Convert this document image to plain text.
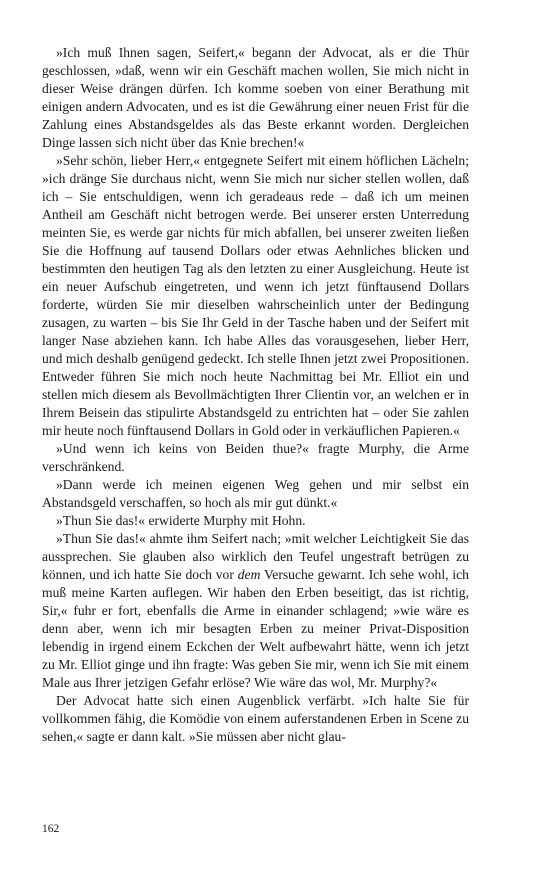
»Ich muß Ihnen sagen, Seifert,« begann der Advocat, als er die Thür geschlossen, »daß, wenn wir ein Geschäft machen wollen, Sie mich nicht in dieser Weise drängen dürfen. Ich komme soeben von einer Berathung mit einigen andern Advocaten, und es ist die Gewährung einer neuen Frist für die Zahlung eines Abstandsgeldes als das Beste erkannt worden. Dergleichen Dinge lassen sich nicht über das Knie brechen!«

»Sehr schön, lieber Herr,« entgegnete Seifert mit einem höflichen Lächeln; »ich dränge Sie durchaus nicht, wenn Sie mich nur sicher stellen wollen, daß ich – Sie entschuldigen, wenn ich geradeaus rede – daß ich um meinen Antheil am Geschäft nicht betrogen werde. Bei unserer ersten Unterredung meinten Sie, es werde gar nichts für mich abfallen, bei unserer zweiten ließen Sie die Hoffnung auf tausend Dollars oder etwas Aehnliches blicken und bestimmten den heutigen Tag als den letzten zu einer Ausgleichung. Heute ist ein neuer Aufschub eingetreten, und wenn ich jetzt fünftausend Dollars forderte, würden Sie mir dieselben wahrscheinlich unter der Bedingung zusagen, zu warten – bis Sie Ihr Geld in der Tasche haben und der Seifert mit langer Nase abziehen kann. Ich habe Alles das vorausgesehen, lieber Herr, und mich deshalb genügend gedeckt. Ich stelle Ihnen jetzt zwei Propositionen. Entweder führen Sie mich noch heute Nachmittag bei Mr. Elliot ein und stellen mich diesem als Bevollmächtigten Ihrer Clientin vor, an welchen er in Ihrem Beisein das stipulirte Abstandsgeld zu entrichten hat – oder Sie zahlen mir heute noch fünftausend Dollars in Gold oder in verkäuflichen Papieren.«

»Und wenn ich keins von Beiden thue?« fragte Murphy, die Arme verschränkend.

»Dann werde ich meinen eigenen Weg gehen und mir selbst ein Abstandsgeld verschaffen, so hoch als mir gut dünkt.«

»Thun Sie das!« erwiderte Murphy mit Hohn.

»Thun Sie das!« ahmte ihm Seifert nach; »mit welcher Leichtigkeit Sie das aussprechen. Sie glauben also wirklich den Teufel ungestraft betrügen zu können, und ich hatte Sie doch vor dem Versuche gewarnt. Ich sehe wohl, ich muß meine Karten auflegen. Wir haben den Erben beseitigt, das ist richtig, Sir,« fuhr er fort, ebenfalls die Arme in einander schlagend; »wie wäre es denn aber, wenn ich mir besagten Erben zu meiner Privat-Disposition lebendig in irgend einem Eckchen der Welt aufbewahrt hätte, wenn ich jetzt zu Mr. Elliot ginge und ihn fragte: Was geben Sie mir, wenn ich Sie mit einem Male aus Ihrer jetzigen Gefahr erlöse? Wie wäre das wol, Mr. Murphy?«

Der Advocat hatte sich einen Augenblick verfärbt. »Ich halte Sie für vollkommen fähig, die Komödie von einem auferstandenen Erben in Scene zu sehen,« sagte er dann kalt. »Sie müssen aber nicht glau-

162
